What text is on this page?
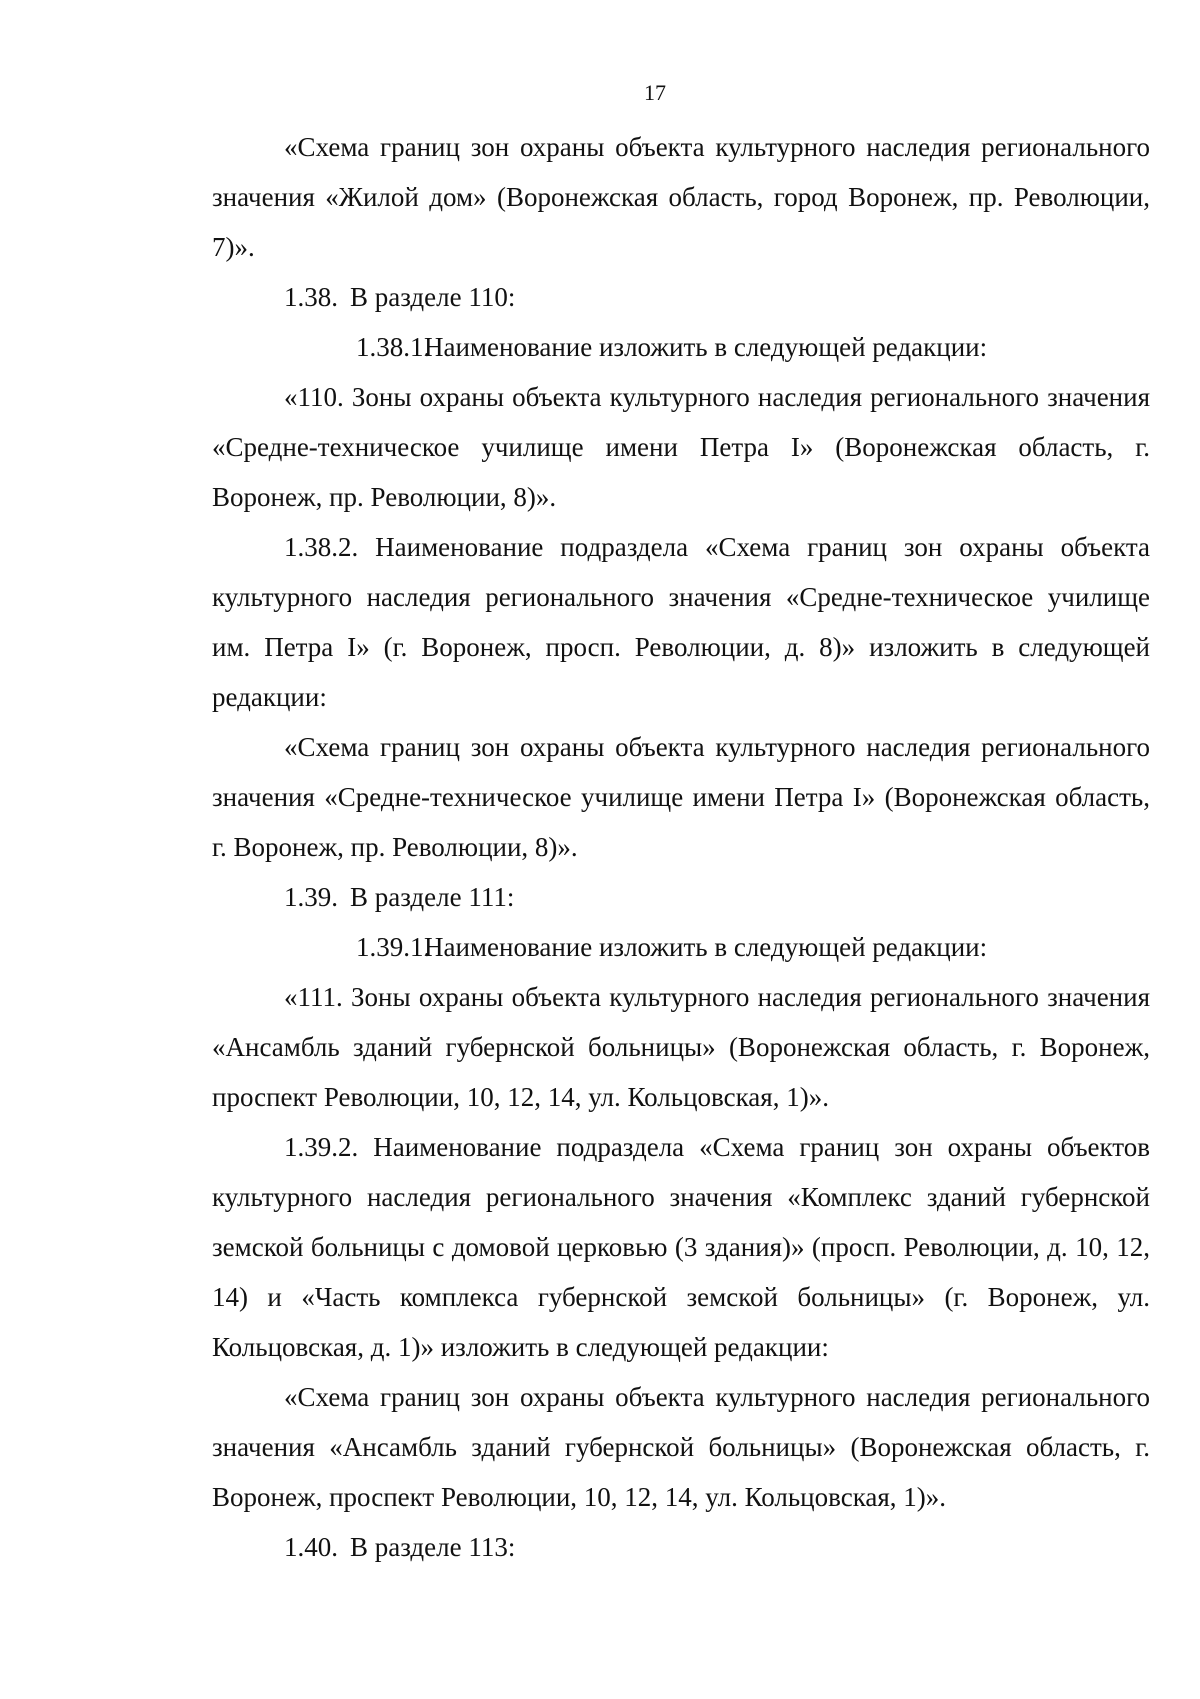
17

«Схема границ зон охраны объекта культурного наследия регионального значения «Жилой дом» (Воронежская область, город Воронеж, пр. Революции, 7)».

1.38. В разделе 110:

1.38.1.Наименование изложить в следующей редакции:

«110. Зоны охраны объекта культурного наследия регионального значения «Средне-техническое училище имени Петра I» (Воронежская область, г. Воронеж, пр. Революции, 8)».

1.38.2. Наименование подраздела «Схема границ зон охраны объекта культурного наследия регионального значения «Средне-техническое училище им. Петра I» (г. Воронеж, просп. Революции, д. 8)» изложить в следующей редакции:

«Схема границ зон охраны объекта культурного наследия регионального значения «Средне-техническое училище имени Петра I» (Воронежская область, г. Воронеж, пр. Революции, 8)».

1.39. В разделе 111:

1.39.1.Наименование изложить в следующей редакции:

«111. Зоны охраны объекта культурного наследия регионального значения «Ансамбль зданий губернской больницы» (Воронежская область, г. Воронеж, проспект Революции, 10, 12, 14, ул. Кольцовская, 1)».

1.39.2. Наименование подраздела «Схема границ зон охраны объектов культурного наследия регионального значения «Комплекс зданий губернской земской больницы с домовой церковью (3 здания)» (просп. Революции, д. 10, 12, 14) и «Часть комплекса губернской земской больницы» (г. Воронеж, ул. Кольцовская, д. 1)» изложить в следующей редакции:

«Схема границ зон охраны объекта культурного наследия регионального значения «Ансамбль зданий губернской больницы» (Воронежская область, г. Воронеж, проспект Революции, 10, 12, 14, ул. Кольцовская, 1)».

1.40. В разделе 113:
